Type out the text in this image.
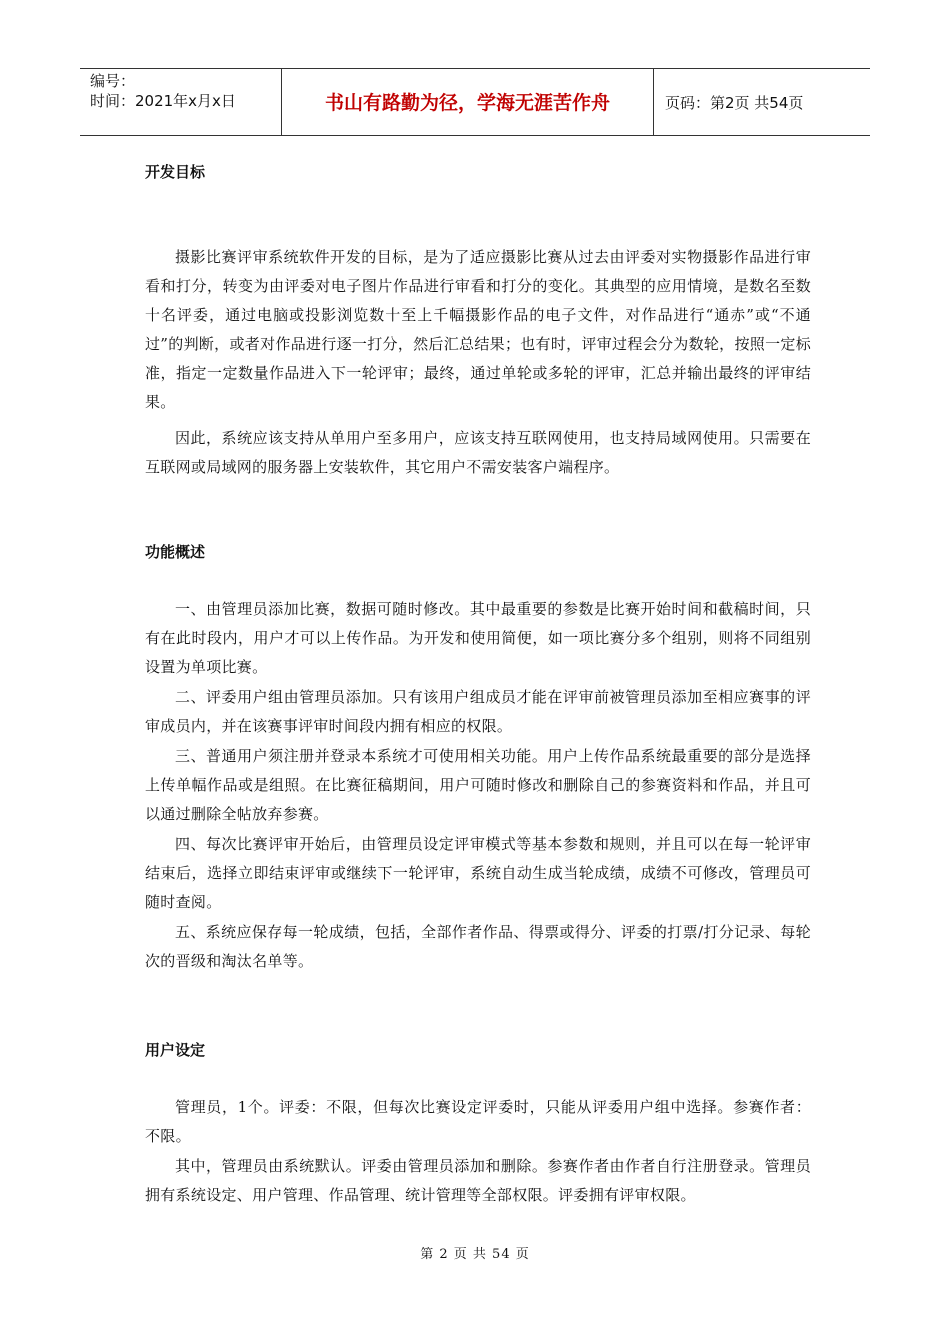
编号：
时间：2021年x月x日	书山有路勤为径，学海无涯苦作舟	页码：第2页 共54页
开发目标

摄影比赛评审系统软件开发的目标，是为了适应摄影比赛从过去由评委对实物摄影作品进行审看和打分，转变为由评委对电子图片作品进行审看和打分的变化。其典型的应用情境，是数名至数十名评委，通过电脑或投影浏览数十至上千幅摄影作品的电子文件，对作品进行“通赤”或“不通过”的判断，或者对作品进行逐一打分，然后汇总结果；也有时，评审过程会分为数轮，按照一定标准，指定一定数量作品进入下一轮评审；最终，通过单轮或多轮的评审，汇总并输出最终的评审结果。

因此，系统应该支持从单用户至多用户，应该支持互联网使用，也支持局域网使用。只需要在互联网或局域网的服务器上安装软件，其它用户不需安装客户端程序。

功能概述

一、由管理员添加比赛，数据可随时修改。其中最重要的参数是比赛开始时间和截稿时间，只有在此时段内，用户才可以上传作品。为开发和使用简便，如一项比赛分多个组别，则将不同组别设置为单项比赛。

二、评委用户组由管理员添加。只有该用户组成员才能在评审前被管理员添加至相应赛事的评审成员内，并在该赛事评审时间段内拥有相应的权限。

三、普通用户须注册并登录本系统才可使用相关功能。用户上传作品系统最重要的部分是选择上传单幅作品或是组照。在比赛征稿期间，用户可随时修改和删除自己的参赛资料和作品，并且可以通过删除全帖放弃参赛。

四、每次比赛评审开始后，由管理员设定评审模式等基本参数和规则，并且可以在每一轮评审结束后，选择立即结束评审或继续下一轮评审，系统自动生成当轮成绩，成绩不可修改，管理员可随时查阅。

五、系统应保存每一轮成绩，包括，全部作者作品、得票或得分、评委的打票/打分记录、每轮次的晋级和淘汰名单等。

用户设定

管理员，1个。评委：不限，但每次比赛设定评委时，只能从评委用户组中选择。参赛作者：不限。

其中，管理员由系统默认。评委由管理员添加和删除。参赛作者由作者自行注册登录。管理员拥有系统设定、用户管理、作品管理、统计管理等全部权限。评委拥有评审权限。

第 2 页 共 54 页
